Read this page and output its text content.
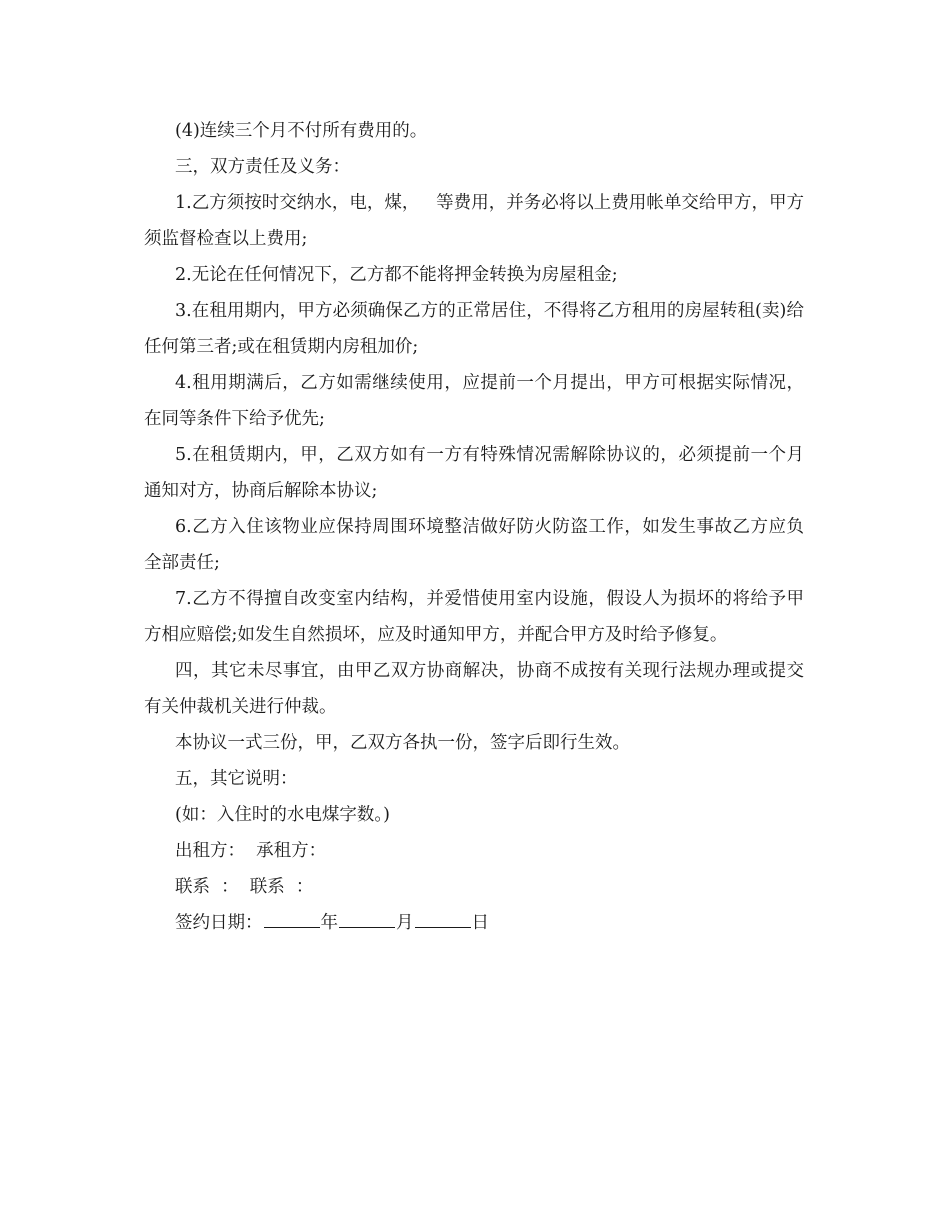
(4)连续三个月不付所有费用的。

三，双方责任及义务：

1.乙方须按时交纳水，电，煤，   等费用，并务必将以上费用帐单交给甲方，甲方须监督检查以上费用;

2.无论在任何情况下，乙方都不能将押金转换为房屋租金;

3.在租用期内，甲方必须确保乙方的正常居住，不得将乙方租用的房屋转租(卖)给任何第三者;或在租赁期内房租加价;

4.租用期满后，乙方如需继续使用，应提前一个月提出，甲方可根据实际情况，在同等条件下给予优先;

5.在租赁期内，甲，乙双方如有一方有特殊情况需解除协议的，必须提前一个月通知对方，协商后解除本协议;

6.乙方入住该物业应保持周围环境整洁做好防火防盗工作，如发生事故乙方应负全部责任;

7.乙方不得擅自改变室内结构，并爱惜使用室内设施，假设人为损坏的将给予甲方相应赔偿;如发生自然损坏，应及时通知甲方，并配合甲方及时给予修复。

四，其它未尽事宜，由甲乙双方协商解决，协商不成按有关现行法规办理或提交有关仲裁机关进行仲裁。

本协议一式三份，甲，乙双方各执一份，签字后即行生效。

五，其它说明：

(如：入住时的水电煤字数。)

出租方：  承租方：

联系  ：  联系  ：

签约日期：	年	月	日
